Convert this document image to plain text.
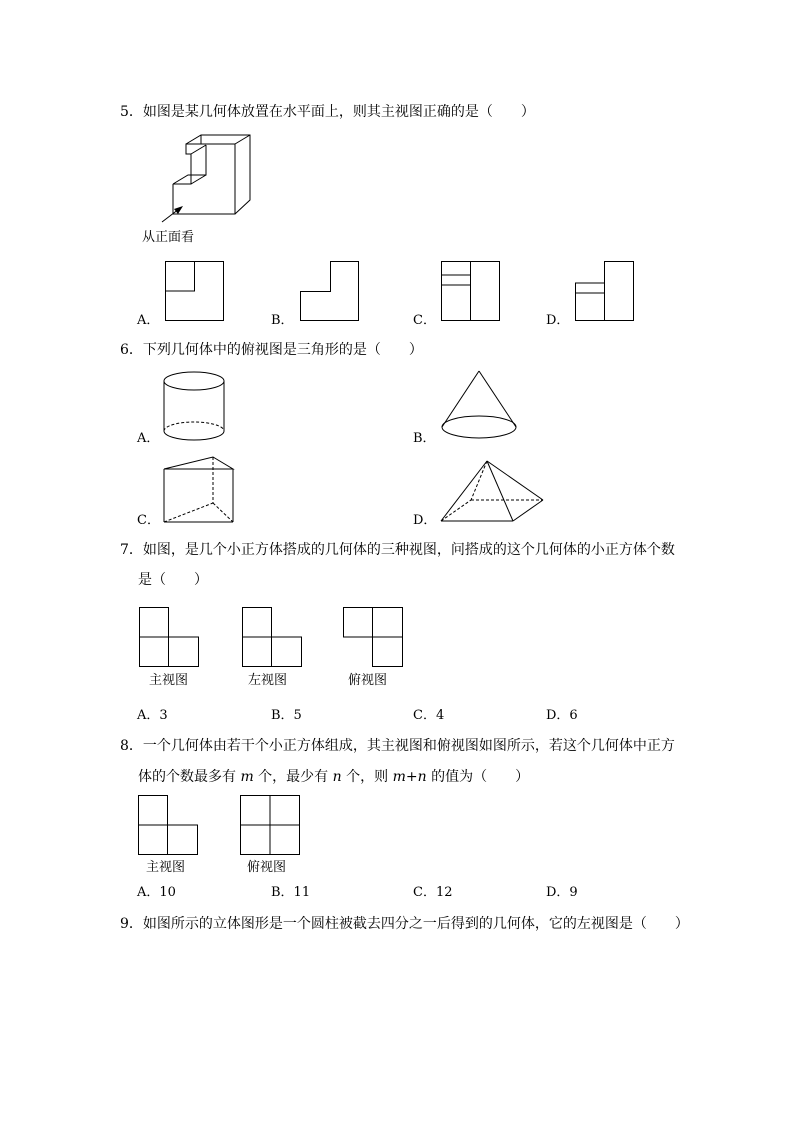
5．如图是某几何体放置在水平面上，则其主视图正确的是（　　）
从正面看
A．	B．	C．	D．
6．下列几何体中的俯视图是三角形的是（　　）
A．	B．
C．	D．
7．如图，是几个小正方体搭成的几何体的三种视图，问搭成的这个几何体的小正方体个数
是（　　）
主视图	左视图	俯视图
A．3	B．5	C．4	D．6
8．一个几何体由若干个小正方体组成，其主视图和俯视图如图所示，若这个几何体中正方
体的个数最多有 m 个，最少有 n 个，则 m+n 的值为（　　）
主视图	俯视图
A．10	B．11	C．12	D．9
9．如图所示的立体图形是一个圆柱被截去四分之一后得到的几何体，它的左视图是（　　）
